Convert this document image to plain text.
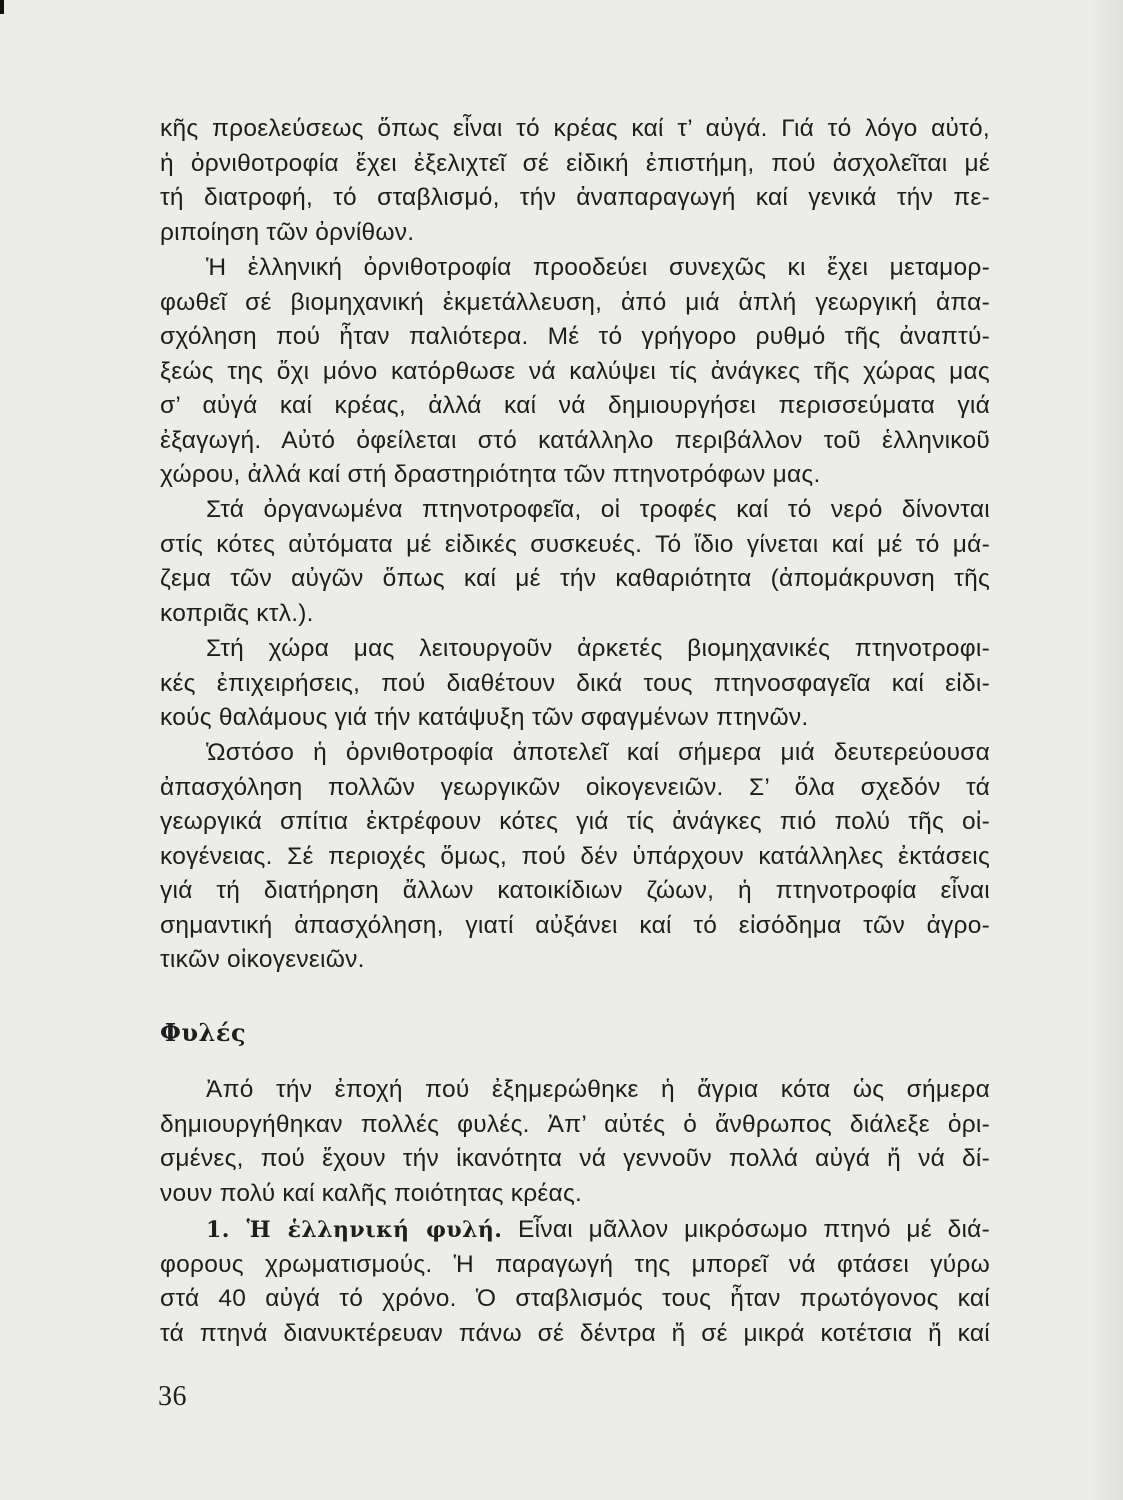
κῆς προελεύσεως ὅπως εἶναι τό κρέας καί τ’ αὐγά. Γιά τό λόγο αὐτό,
ἡ ὀρνιθοτροφία ἔχει ἐξελιχτεῖ σέ εἰδική ἐπιστήμη, πού ἀσχολεῖται μέ
τή διατροφή, τό σταβλισμό, τήν ἀναπαραγωγή καί γενικά τήν πε-
ριποίηση τῶν ὀρνίθων.
Ἡ ἑλληνική ὀρνιθοτροφία προοδεύει συνεχῶς κι ἔχει μεταμορ-
φωθεῖ σέ βιομηχανική ἐκμετάλλευση, ἀπό μιά ἁπλή γεωργική ἀπα-
σχόληση πού ἦταν παλιότερα. Μέ τό γρήγορο ρυθμό τῆς ἀναπτύ-
ξεώς της ὄχι μόνο κατόρθωσε νά καλύψει τίς ἀνάγκες τῆς χώρας μας
σ’ αὐγά καί κρέας, ἀλλά καί νά δημιουργήσει περισσεύματα γιά
ἐξαγωγή. Αὐτό ὀφείλεται στό κατάλληλο περιβάλλον τοῦ ἑλληνικοῦ
χώρου, ἀλλά καί στή δραστηριότητα τῶν πτηνοτρόφων μας.
Στά ὀργανωμένα πτηνοτροφεῖα, οἱ τροφές καί τό νερό δίνονται
στίς κότες αὐτόματα μέ εἰδικές συσκευές. Τό ἴδιο γίνεται καί μέ τό μά-
ζεμα τῶν αὐγῶν ὅπως καί μέ τήν καθαριότητα (ἀπομάκρυνση τῆς
κοπριᾶς κτλ.).
Στή χώρα μας λειτουργοῦν ἀρκετές βιομηχανικές πτηνοτροφι-
κές ἐπιχειρήσεις, πού διαθέτουν δικά τους πτηνοσφαγεῖα καί εἰδι-
κούς θαλάμους γιά τήν κατάψυξη τῶν σφαγμένων πτηνῶν.
Ὡστόσο ἡ ὀρνιθοτροφία ἀποτελεῖ καί σήμερα μιά δευτερεύουσα
ἀπασχόληση πολλῶν γεωργικῶν οἰκογενειῶν. Σ’ ὅλα σχεδόν τά
γεωργικά σπίτια ἐκτρέφουν κότες γιά τίς ἀνάγκες πιό πολύ τῆς οἰ-
κογένειας. Σέ περιοχές ὅμως, πού δέν ὑπάρχουν κατάλληλες ἐκτάσεις
γιά τή διατήρηση ἄλλων κατοικίδιων ζώων, ἡ πτηνοτροφία εἶναι
σημαντική ἀπασχόληση, γιατί αὐξάνει καί τό εἰσόδημα τῶν ἀγρο-
τικῶν οἰκογενειῶν.
Φυλές
Ἀπό τήν ἐποχή πού ἐξημερώθηκε ἡ ἄγρια κότα ὡς σήμερα
δημιουργήθηκαν πολλές φυλές. Ἀπ’ αὐτές ὁ ἄνθρωπος διάλεξε ὁρι-
σμένες, πού ἔχουν τήν ἱκανότητα νά γεννοῦν πολλά αὐγά ἤ νά δί-
νουν πολύ καί καλῆς ποιότητας κρέας.
1. Ἡ ἑλληνική φυλή. Εἶναι μᾶλλον μικρόσωμο πτηνό μέ διά-
φορους χρωματισμούς. Ἡ παραγωγή της μπορεῖ νά φτάσει γύρω
στά 40 αὐγά τό χρόνο. Ὁ σταβλισμός τους ἦταν πρωτόγονος καί
τά πτηνά διανυκτέρευαν πάνω σέ δέντρα ἤ σέ μικρά κοτέτσια ἤ καί
36
